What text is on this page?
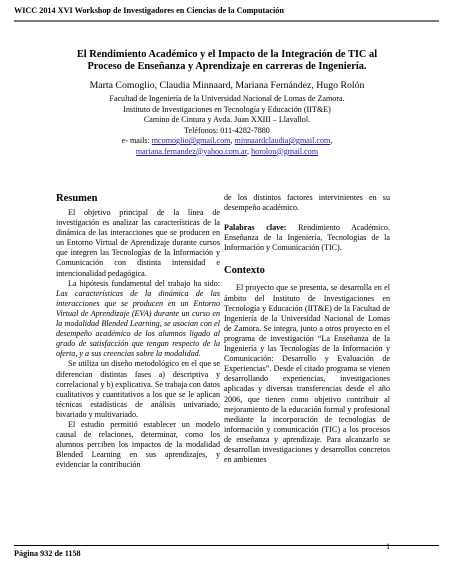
WICC 2014 XVI Workshop de Investigadores en Ciencias de la Computación
El Rendimiento Académico y el Impacto de la Integración de TIC al
Proceso de Enseñanza y Aprendizaje en carreras de Ingeniería.
Marta Comoglio, Claudia Minnaard, Mariana Fernández, Hugo Rolón
Facultad de Ingeniería de la Universidad Nacional de Lomas de Zamora.
Instituto de Investigaciones en Tecnología y Educación (IIT&E)
Camino de Cintura y Avda. Juan XXIII – Llavallol.
Teléfonos: 011-4282-7880
e- mails: mcomoglio@gmail.com, minnaardclaudia@gmail.com,
mariana.fernandez@yahoo.com.ar, horolon@gmail.com
Resumen

El objetivo principal de la línea de investigación es analizar las características de la dinámica de las interacciones que se producen en un Entorno Virtual de Aprendizaje durante cursos que integren las Tecnologías de la Información y Comunicación con distinta intensidad e intencionalidad pedagógica.

La hipótesis fundamental del trabajo ha sido: Las características de la dinámica de las interacciones que se producen en un Entorno Virtual de Aprendizaje (EVA) durante un curso en la modalidad Blended Learning, se asocian con el desempeño académico de los alumnos ligado al grado de satisfacción que tengan respecto de la oferta, y a sus creencias sobre la modalidad.

Se utiliza un diseño metodológico en el que se diferencian distintas fases a) descriptiva y correlacional y b) explicativa. Se trabaja con datos cualitativos y cuantitativos a los que se le aplican técnicas estadísticas de análisis univariado, bivariado y multivariado.

El estudio permitió establecer un modelo causal de relaciones, determinar, como los alumnos perciben los impactos de la modalidad Blended Learning en sus aprendizajes, y evidenciar la contribución

de los distintos factores intervinientes en su desempeño académico.

Palabras clave: Rendimiento Académico. Enseñanza de la Ingeniería, Tecnologías de la Información y Comunicación (TIC).

Contexto

El proyecto que se presenta, se desarrolla en el ámbito del Instituto de Investigaciones en Tecnología y Educación (IIT&E) de la Facultad de Ingeniería de la Universidad Nacional de Lomas de Zamora. Se integra, junto a otros proyecto en el programa de investigación “La Enseñanza de la Ingeniería y las Tecnologías de la Información y Comunicación: Desarrollo y Evaluación de Experiencias”. Desde el citado programa se vienen desarrollando experiencias, investigaciones aplicadas y diversas transferencias desde el año 2006, que tienen como objetivo contribuir al mejoramiento de la educación formal y profesional mediante la incorporación de tecnologías de información y comunicación (TIC) a los procesos de enseñanza y aprendizaje. Para alcanzarlo se desarrollan investigaciones y desarrollos concretos en ambientes

1
Página 932 de 1158
